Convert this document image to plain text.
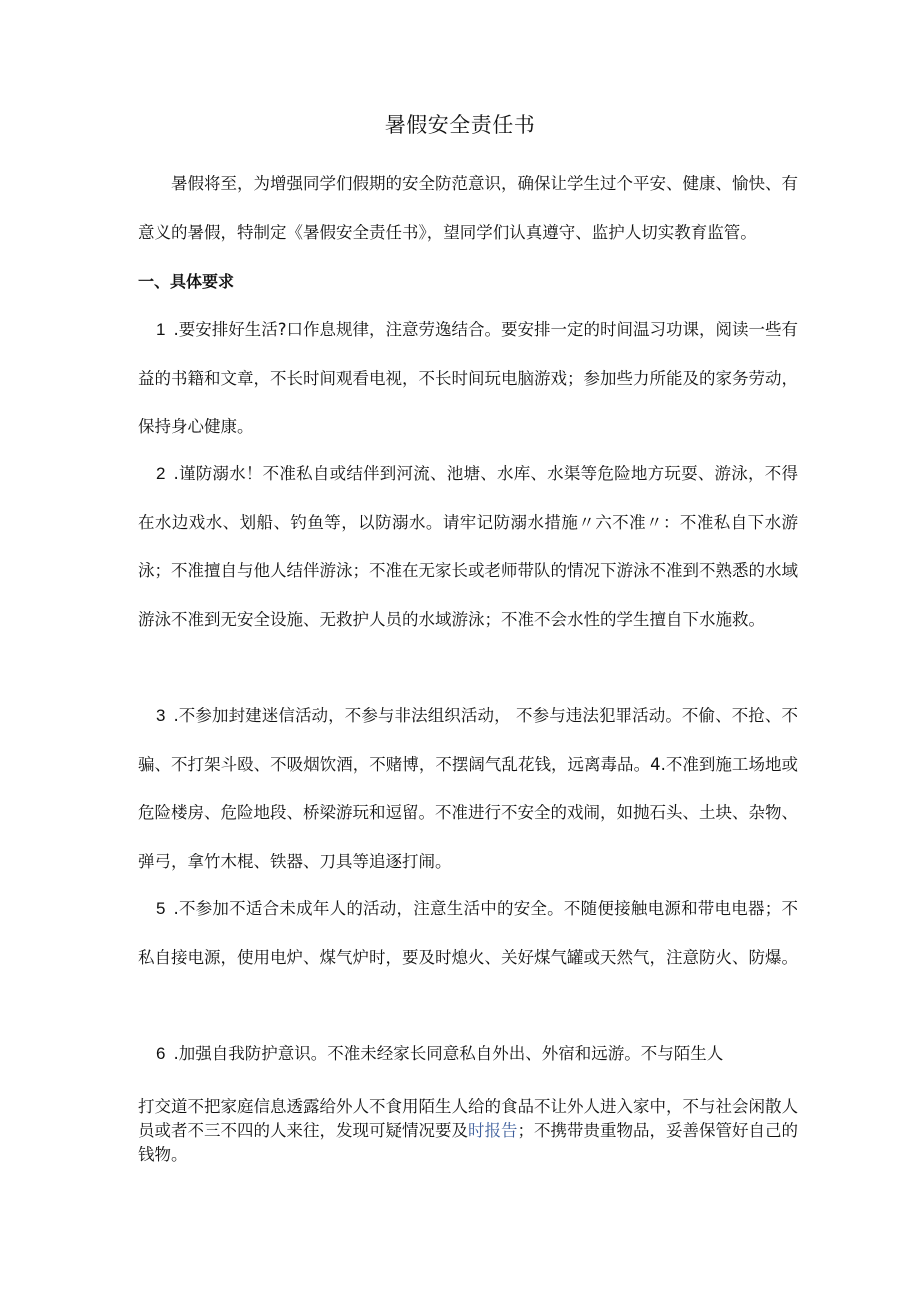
暑假安全责任书

暑假将至，为增强同学们假期的安全防范意识，确保让学生过个平安、健康、愉快、有意义的暑假，特制定《暑假安全责任书》，望同学们认真遵守、监护人切实教育监管。

一、具体要求

1 .要安排好生活?口作息规律，注意劳逸结合。要安排一定的时间温习功课，阅读一些有益的书籍和文章，不长时间观看电视，不长时间玩电脑游戏；参加些力所能及的家务劳动，保持身心健康。

2 .谨防溺水！不准私自或结伴到河流、池塘、水库、水渠等危险地方玩耍、游泳，不得在水边戏水、划船、钓鱼等，以防溺水。请牢记防溺水措施〃六不准〃：不准私自下水游泳；不准擅自与他人结伴游泳；不准在无家长或老师带队的情况下游泳不准到不熟悉的水域游泳不准到无安全设施、无救护人员的水域游泳；不准不会水性的学生擅自下水施救。

3 .不参加封建迷信活动，不参与非法组织活动， 不参与违法犯罪活动。不偷、不抢、不骗、不打架斗殴、不吸烟饮酒，不赌博，不摆阔气乱花钱，远离毒品。4.不准到施工场地或危险楼房、危险地段、桥梁游玩和逗留。不准进行不安全的戏闹，如抛石头、土块、杂物、弹弓，拿竹木棍、铁器、刀具等追逐打闹。

5 .不参加不适合未成年人的活动，注意生活中的安全。不随便接触电源和带电电器；不私自接电源，使用电炉、煤气炉时，要及时熄火、关好煤气罐或天然气，注意防火、防爆。

6 .加强自我防护意识。不准未经家长同意私自外出、外宿和远游。不与陌生人

打交道不把家庭信息透露给外人不食用陌生人给的食品不让外人进入家中，不与社会闲散人员或者不三不四的人来往，发现可疑情况要及时报告；不携带贵重物品，妥善保管好自己的钱物。
